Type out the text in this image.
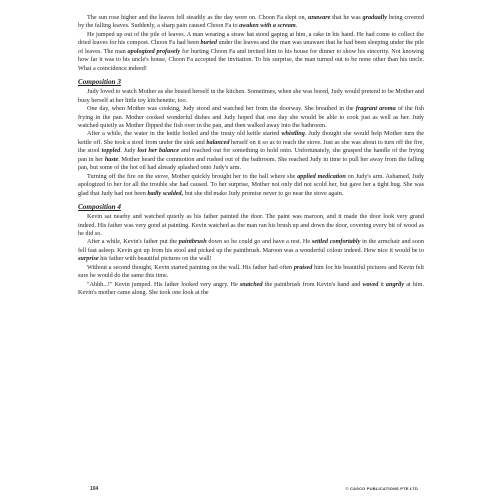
The sun rose higher and the leaves fell steadily as the day wore on. Choon Fa slept on, unaware that he was gradually being covered by the falling leaves. Suddenly, a sharp pain caused Choon Fa to awaken with a scream.

He jumped up out of the pile of leaves. A man wearing a straw hat stood gaping at him, a rake in his hand. He had come to collect the dried leaves for his compost. Choon Fa had been buried under the leaves and the man was unaware that he had been sleeping under the pile of leaves. The man apologized profusely for hurting Choon Fa and invited him to his house for dinner to show his sincerity. Not knowing how far it was to his uncle's house, Choon Fa accepted the invitation. To his surprise, the man turned out to be none other than his uncle. What a coincidence indeed!

Composition 3

Judy loved to watch Mother as she busied herself in the kitchen. Sometimes, when she was bored, Judy would pretend to be Mother and busy herself at her little toy kitchenette, too.

One day, when Mother was cooking, Judy stood and watched her from the doorway. She breathed in the fragrant aroma of the fish frying in the pan. Mother cooked wonderful dishes and Judy hoped that one day she would be able to cook just as well as her. Judy watched quietly as Mother flipped the fish over in the pan, and then walked away into the bathroom.

After a while, the water in the kettle boiled and the trusty old kettle started whistling. Judy thought she would help Mother turn the kettle off. She took a stool from under the sink and balanced herself on it so as to reach the stove. Just as she was about to turn off the fire, the stool toppled. Judy lost her balance and reached out for something to hold onto. Unfortunately, she grasped the handle of the frying pan in her haste. Mother heard the commotion and rushed out of the bathroom. She reached Judy in time to pull her away from the falling pan, but some of the hot oil had already splashed onto Judy's arm.

Turning off the fire on the stove, Mother quickly brought her to the hall where she applied medication on Judy's arm. Ashamed, Judy apologized to her for all the trouble she had caused. To her surprise, Mother not only did not scold her, but gave her a tight hug. She was glad that Judy had not been badly scalded, but she did make Judy promise never to go near the stove again.

Composition 4

Kevin sat nearby and watched quietly as his father painted the door. The paint was maroon, and it made the door look very grand indeed. His father was very good at painting. Kevin watched as the man ran his brush up and down the door, covering every bit of wood as he did so.

After a while, Kevin's father put the paintbrush down so he could go and have a rest. He settled comfortably in the armchair and soon fell fast asleep. Kevin got up from his stool and picked up the paintbrush. Maroon was a wonderful colour indeed. How nice it would be to surprise his father with beautiful pictures on the wall!

Without a second thought, Kevin started painting on the wall. His father had often praised him for his beautiful pictures and Kevin felt sure he would do the same this time.

"Ahhh...!" Kevin jumped. His father looked very angry. He snatched the paintbrush from Kevin's hand and waved it angrily at him. Kevin's mother came along. She took one look at the

104	© CASCO PUBLICATIONS PTE LTD
